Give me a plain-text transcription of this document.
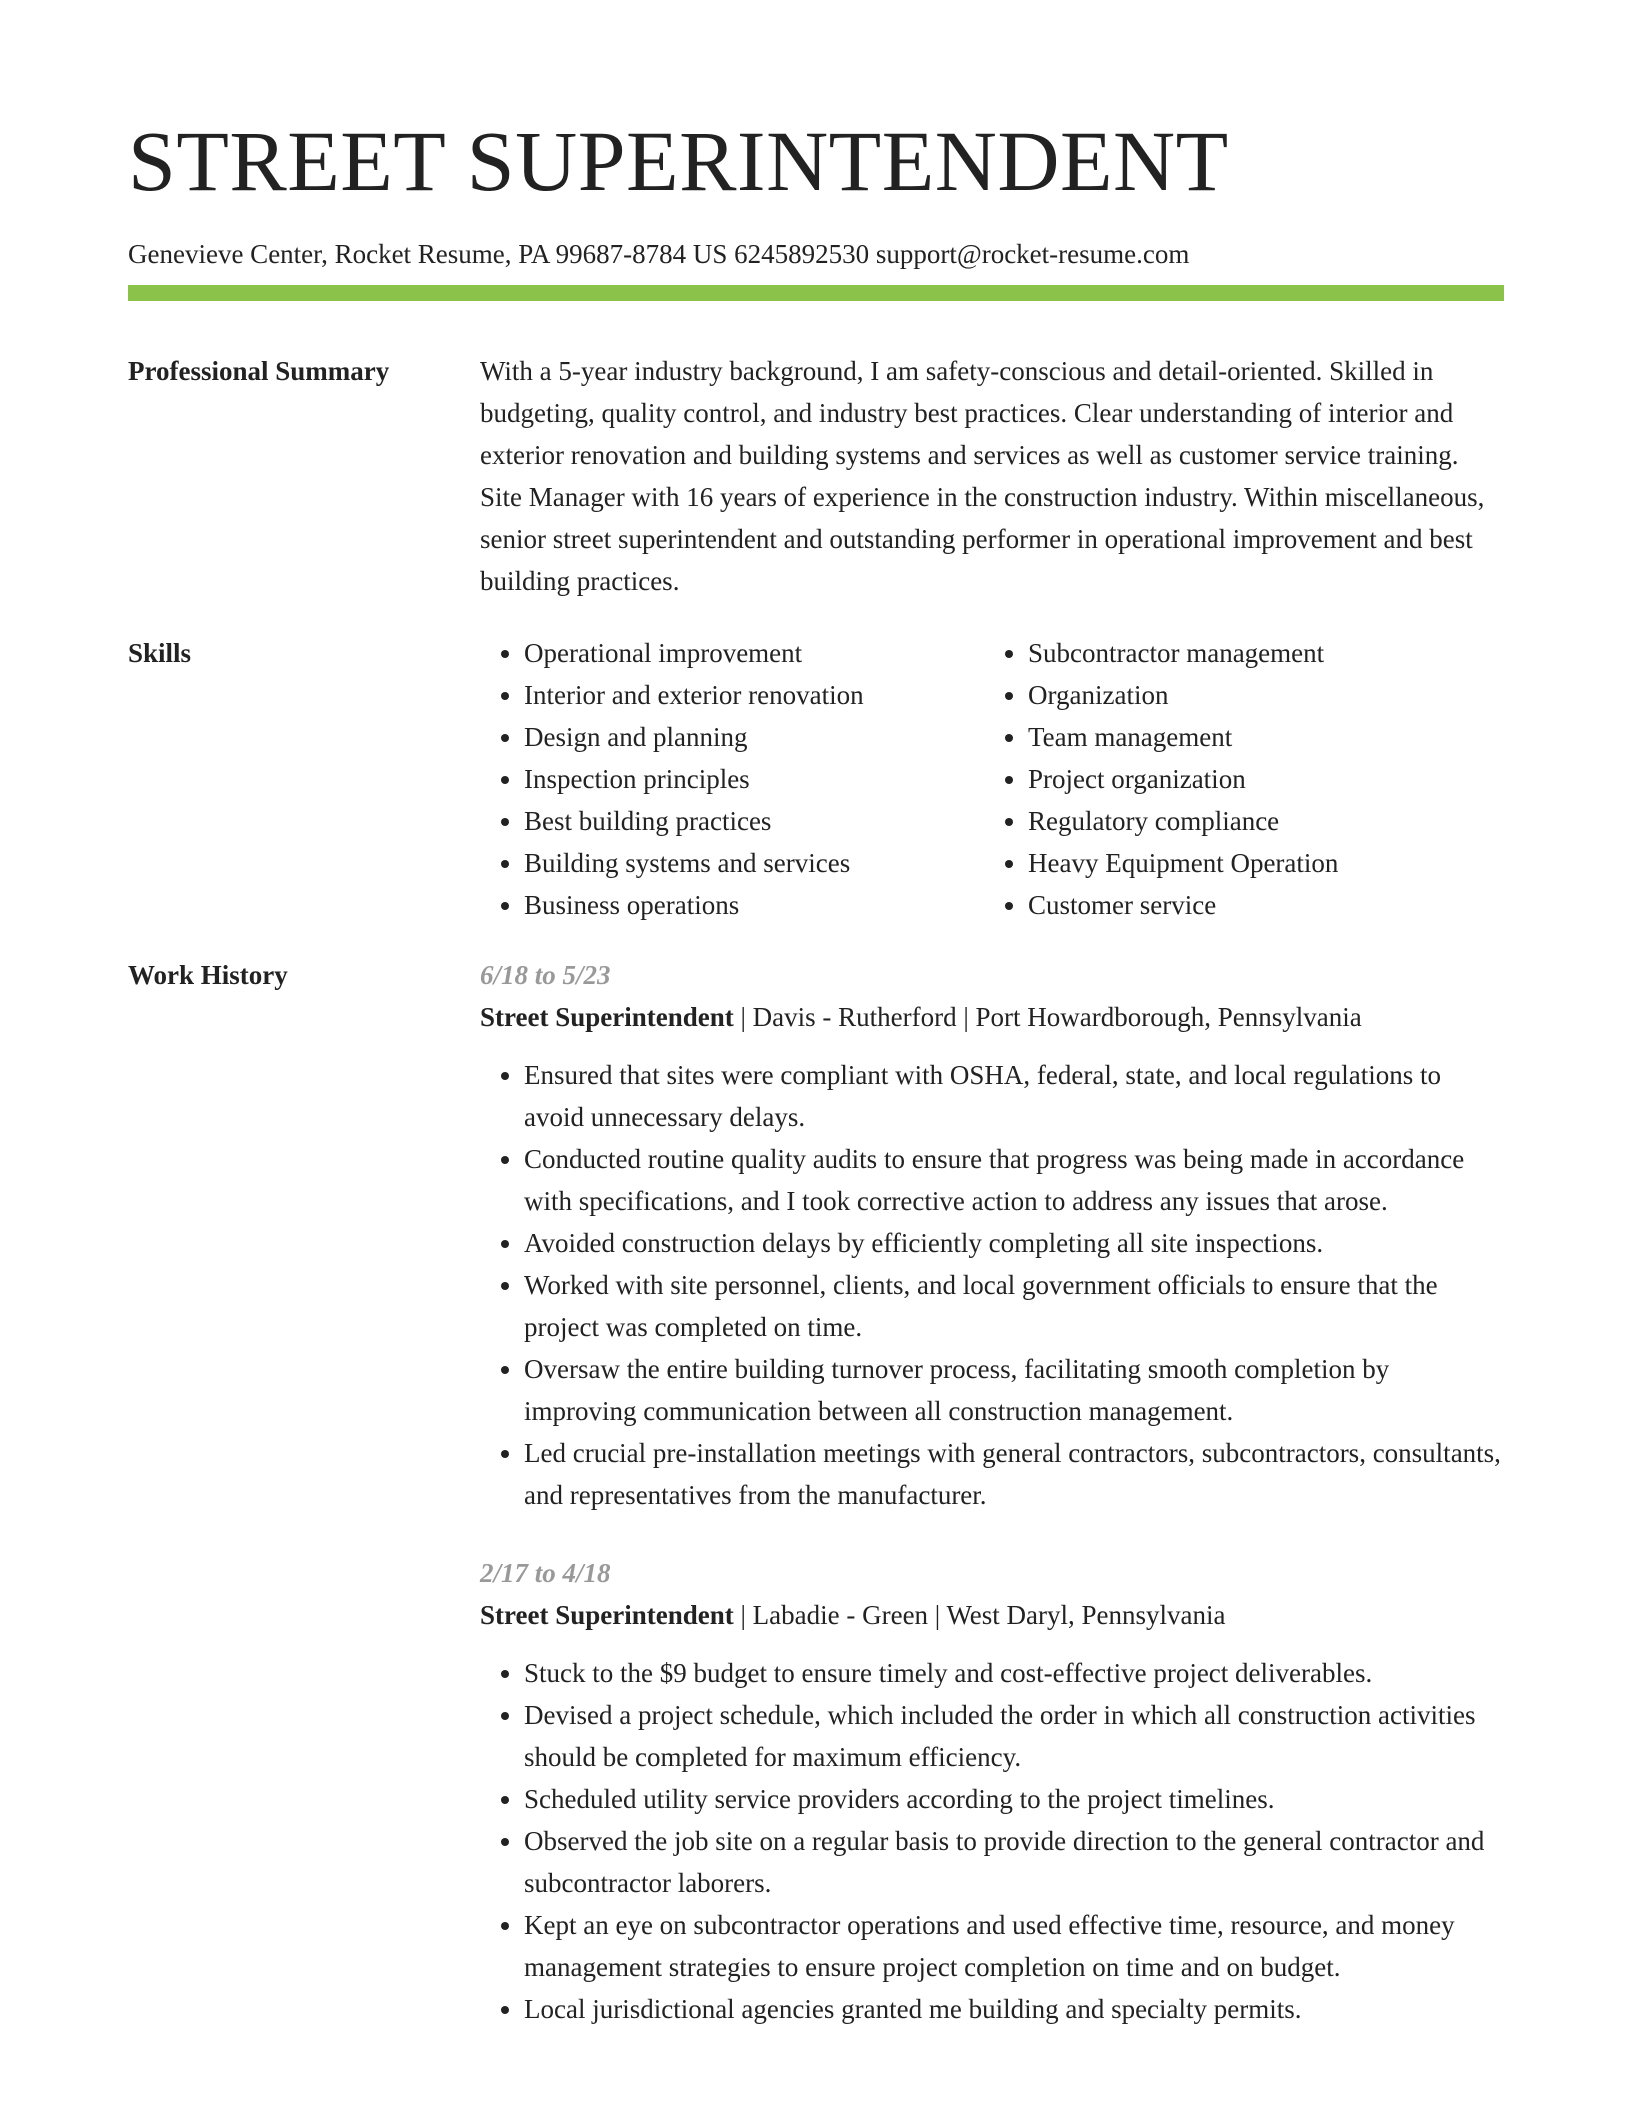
STREET SUPERINTENDENT
Genevieve Center, Rocket Resume, PA 99687-8784 US 6245892530 support@rocket-resume.com
Professional Summary	With a 5-year industry background, I am safety-conscious and detail-oriented. Skilled in budgeting, quality control, and industry best practices. Clear understanding of interior and exterior renovation and building systems and services as well as customer service training. Site Manager with 16 years of experience in the construction industry. Within miscellaneous, senior street superintendent and outstanding performer in operational improvement and best building practices.

Skills
•	Operational improvement
• Interior and exterior renovation
• Design and planning
• Inspection principles
• Best building practices
• Building systems and services
• Business operations
• Subcontractor management
• Organization
• Team management
• Project organization
• Regulatory compliance
• Heavy Equipment Operation
• Customer service
Work History	6/18 to 5/23
Street Superintendent | Davis - Rutherford | Port Howardborough, Pennsylvania
• Ensured that sites were compliant with OSHA, federal, state, and local regulations to avoid unnecessary delays.
• Conducted routine quality audits to ensure that progress was being made in accordance with specifications, and I took corrective action to address any issues that arose.
• Avoided construction delays by efficiently completing all site inspections.
• Worked with site personnel, clients, and local government officials to ensure that the project was completed on time.
• Oversaw the entire building turnover process, facilitating smooth completion by improving communication between all construction management.
• Led crucial pre-installation meetings with general contractors, subcontractors, consultants, and representatives from the manufacturer.
2/17 to 4/18
Street Superintendent | Labadie - Green | West Daryl, Pennsylvania
• Stuck to the $9 budget to ensure timely and cost-effective project deliverables.
• Devised a project schedule, which included the order in which all construction activities should be completed for maximum efficiency.
• Scheduled utility service providers according to the project timelines.
• Observed the job site on a regular basis to provide direction to the general contractor and subcontractor laborers.
• Kept an eye on subcontractor operations and used effective time, resource, and money management strategies to ensure project completion on time and on budget.
• Local jurisdictional agencies granted me building and specialty permits.
